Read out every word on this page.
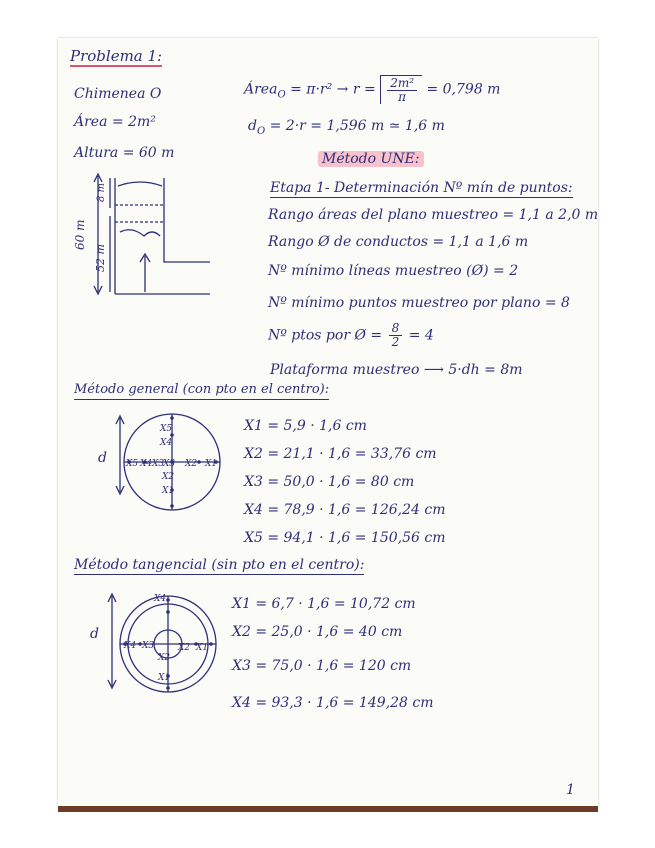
Problema 1:
Chimenea O
Área = 2m²
Altura = 60 m
Área$_O$ = $\pi\cdot r^2 \to r = \frac{\text{2m²}}{\pi} = 0,798$ m
$d_O = 2\cdot r = 1,596$ m ≃ 1,6 m
Método UNE:
Etapa 1- Determinación Nº mín de puntos:
Rango áreas del plano muestreo = 1,1 a 2,0 m
Rango Ø de conductos = 1,1 a 1,6 m
Nº mínimo líneas muestreo (Ø) = 2
Nº mínimo puntos muestreo por plano = 8
Nº ptos por Ø = $\frac{8}{2} = 4$
Plataforma muestreo ⟶ 5·dh = 8m
60 m
8 m
52 m
Método general (con pto en el centro):
d
X5
X4
X3
X2
X1
X4 X3 X2 X1
X5
X1 = 5,9 · 1,6 cm
X2 = 21,1 · 1,6 = 33,76 cm
X3 = 50,0 · 1,6 = 80 cm
X4 = 78,9 · 1,6 = 126,24 cm
X5 = 94,1 · 1,6 = 150,56 cm
Método tangencial (sin pto en el centro):
d
X4
X4 X3	X2 X1
X2
X1
X1 = 6,7 · 1,6 = 10,72 cm
X2 = 25,0 · 1,6 = 40 cm
X3 = 75,0 · 1,6 = 120 cm
X4 = 93,3 · 1,6 = 149,28 cm
1
